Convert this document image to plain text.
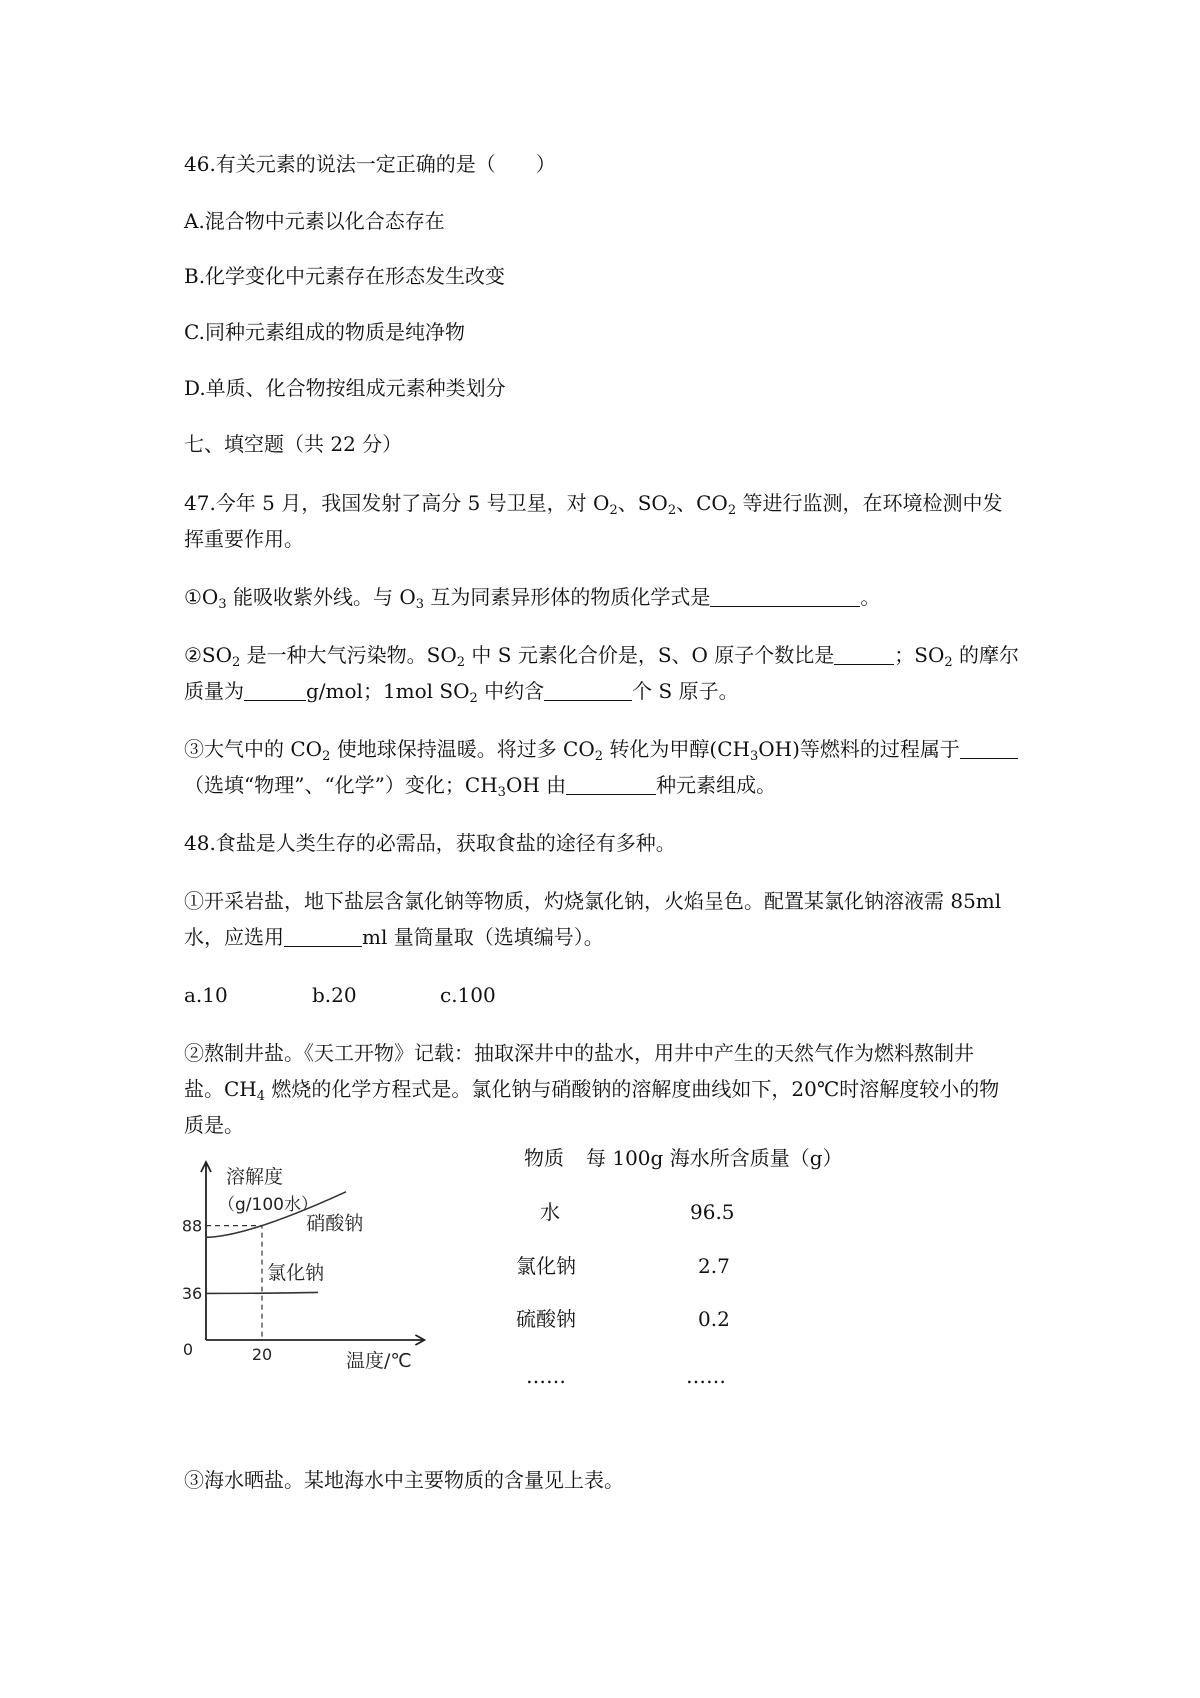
46.有关元素的说法一定正确的是（　　）
A.混合物中元素以化合态存在
B.化学变化中元素存在形态发生改变
C.同种元素组成的物质是纯净物
D.单质、化合物按组成元素种类划分
七、填空题（共 22 分）
47.今年 5 月，我国发射了高分 5 号卫星，对 $O_2$、$SO_2$、$CO_2$ 等进行监测，在环境检测中发
挥重要作用。
$①O_3$ 能吸收紫外线。与 $O_3$ 互为同素异形体的物质化学式是	。
$②SO_2$ 是一种大气污染物。$SO_2$ 中 S 元素化合价是，S、O 原子个数比是	；$SO_2$ 的摩尔
质量为	g/mol；1mol $SO_2$ 中约含	个 S 原子。
③大气中的 $CO_2$ 使地球保持温暖。将过多 $CO_2$ 转化为甲醇$(CH_3OH)$等燃料的过程属于
（选填“物理”、“化学”）变化；$CH_3OH$ 由	种元素组成。
48.食盐是人类生存的必需品，获取食盐的途径有多种。
①开采岩盐，地下盐层含氯化钠等物质，灼烧氯化钠，火焰呈色。配置某氯化钠溶液需 85ml
水，应选用	ml 量筒量取（选填编号）。
a.10	b.20	c.100
②熬制井盐。《天工开物》记载：抽取深井中的盐水，用井中产生的天然气作为燃料熬制井
盐。$CH_4$ 燃烧的化学方程式是。氯化钠与硝酸钠的溶解度曲线如下，20℃时溶解度较小的物
质是。
溶解度
（g/100水）
温度/℃
0	20
36
88	硝酸钠
氯化钠
物质 每 100g 海水所含质量（g）
水	96.5
氯化钠	2.7
硫酸钠	0.2
……	……
③海水晒盐。某地海水中主要物质的含量见上表。
